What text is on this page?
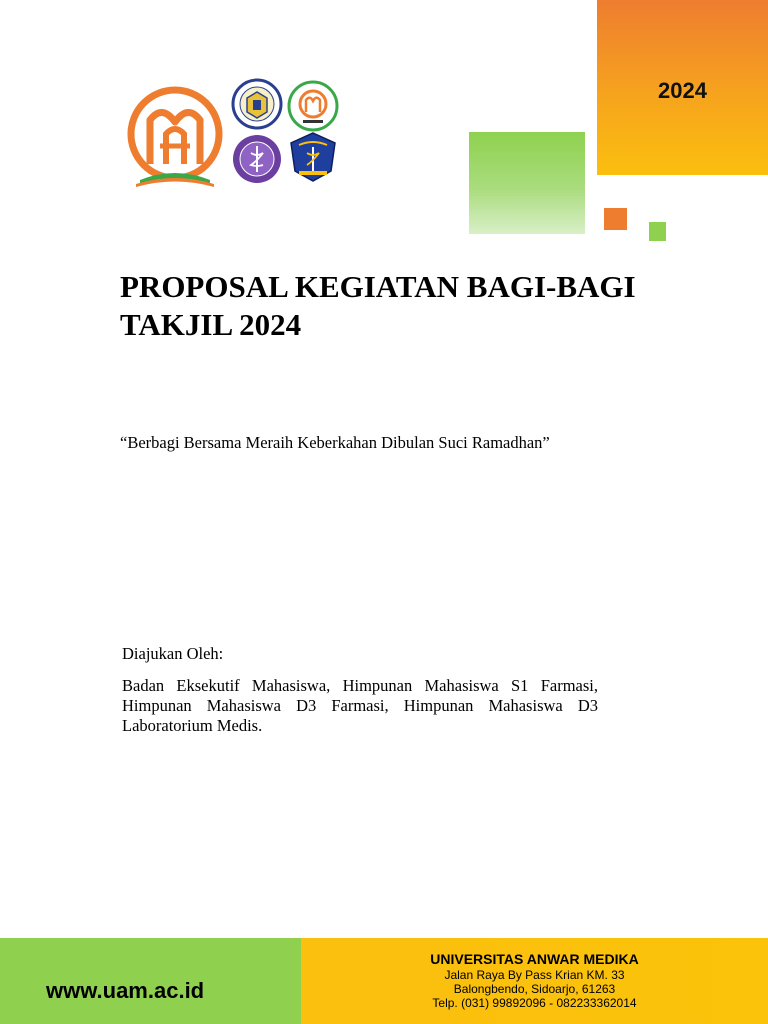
2024
PROPOSAL KEGIATAN BAGI-BAGI
TAKJIL 2024
“Berbagi Bersama Meraih Keberkahan Dibulan Suci Ramadhan”
Diajukan Oleh:
Badan Eksekutif Mahasiswa, Himpunan Mahasiswa S1 Farmasi, Himpunan Mahasiswa D3 Farmasi, Himpunan Mahasiswa D3 Laboratorium Medis.
www.uam.ac.id
UNIVERSITAS ANWAR MEDIKA
Jalan Raya By Pass Krian KM. 33
Balongbendo, Sidoarjo, 61263
Telp. (031) 99892096 - 082233362014
